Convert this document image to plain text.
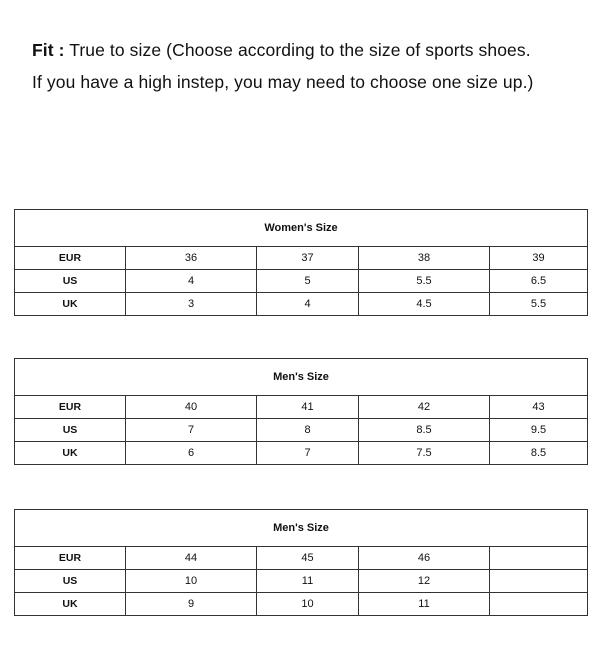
Fit : True to size (Choose according to the size of sports shoes.
If you have a high instep, you may need to choose one size up.)
Women's Size				
EUR	36	37	38	39
US	4	5	5.5	6.5
UK	3	4	4.5	5.5
Men's Size				
EUR	40	41	42	43
US	7	8	8.5	9.5
UK	6	7	7.5	8.5
Men's Size				
EUR	44	45	46	
US	10	11	12	
UK	9	10	11	
